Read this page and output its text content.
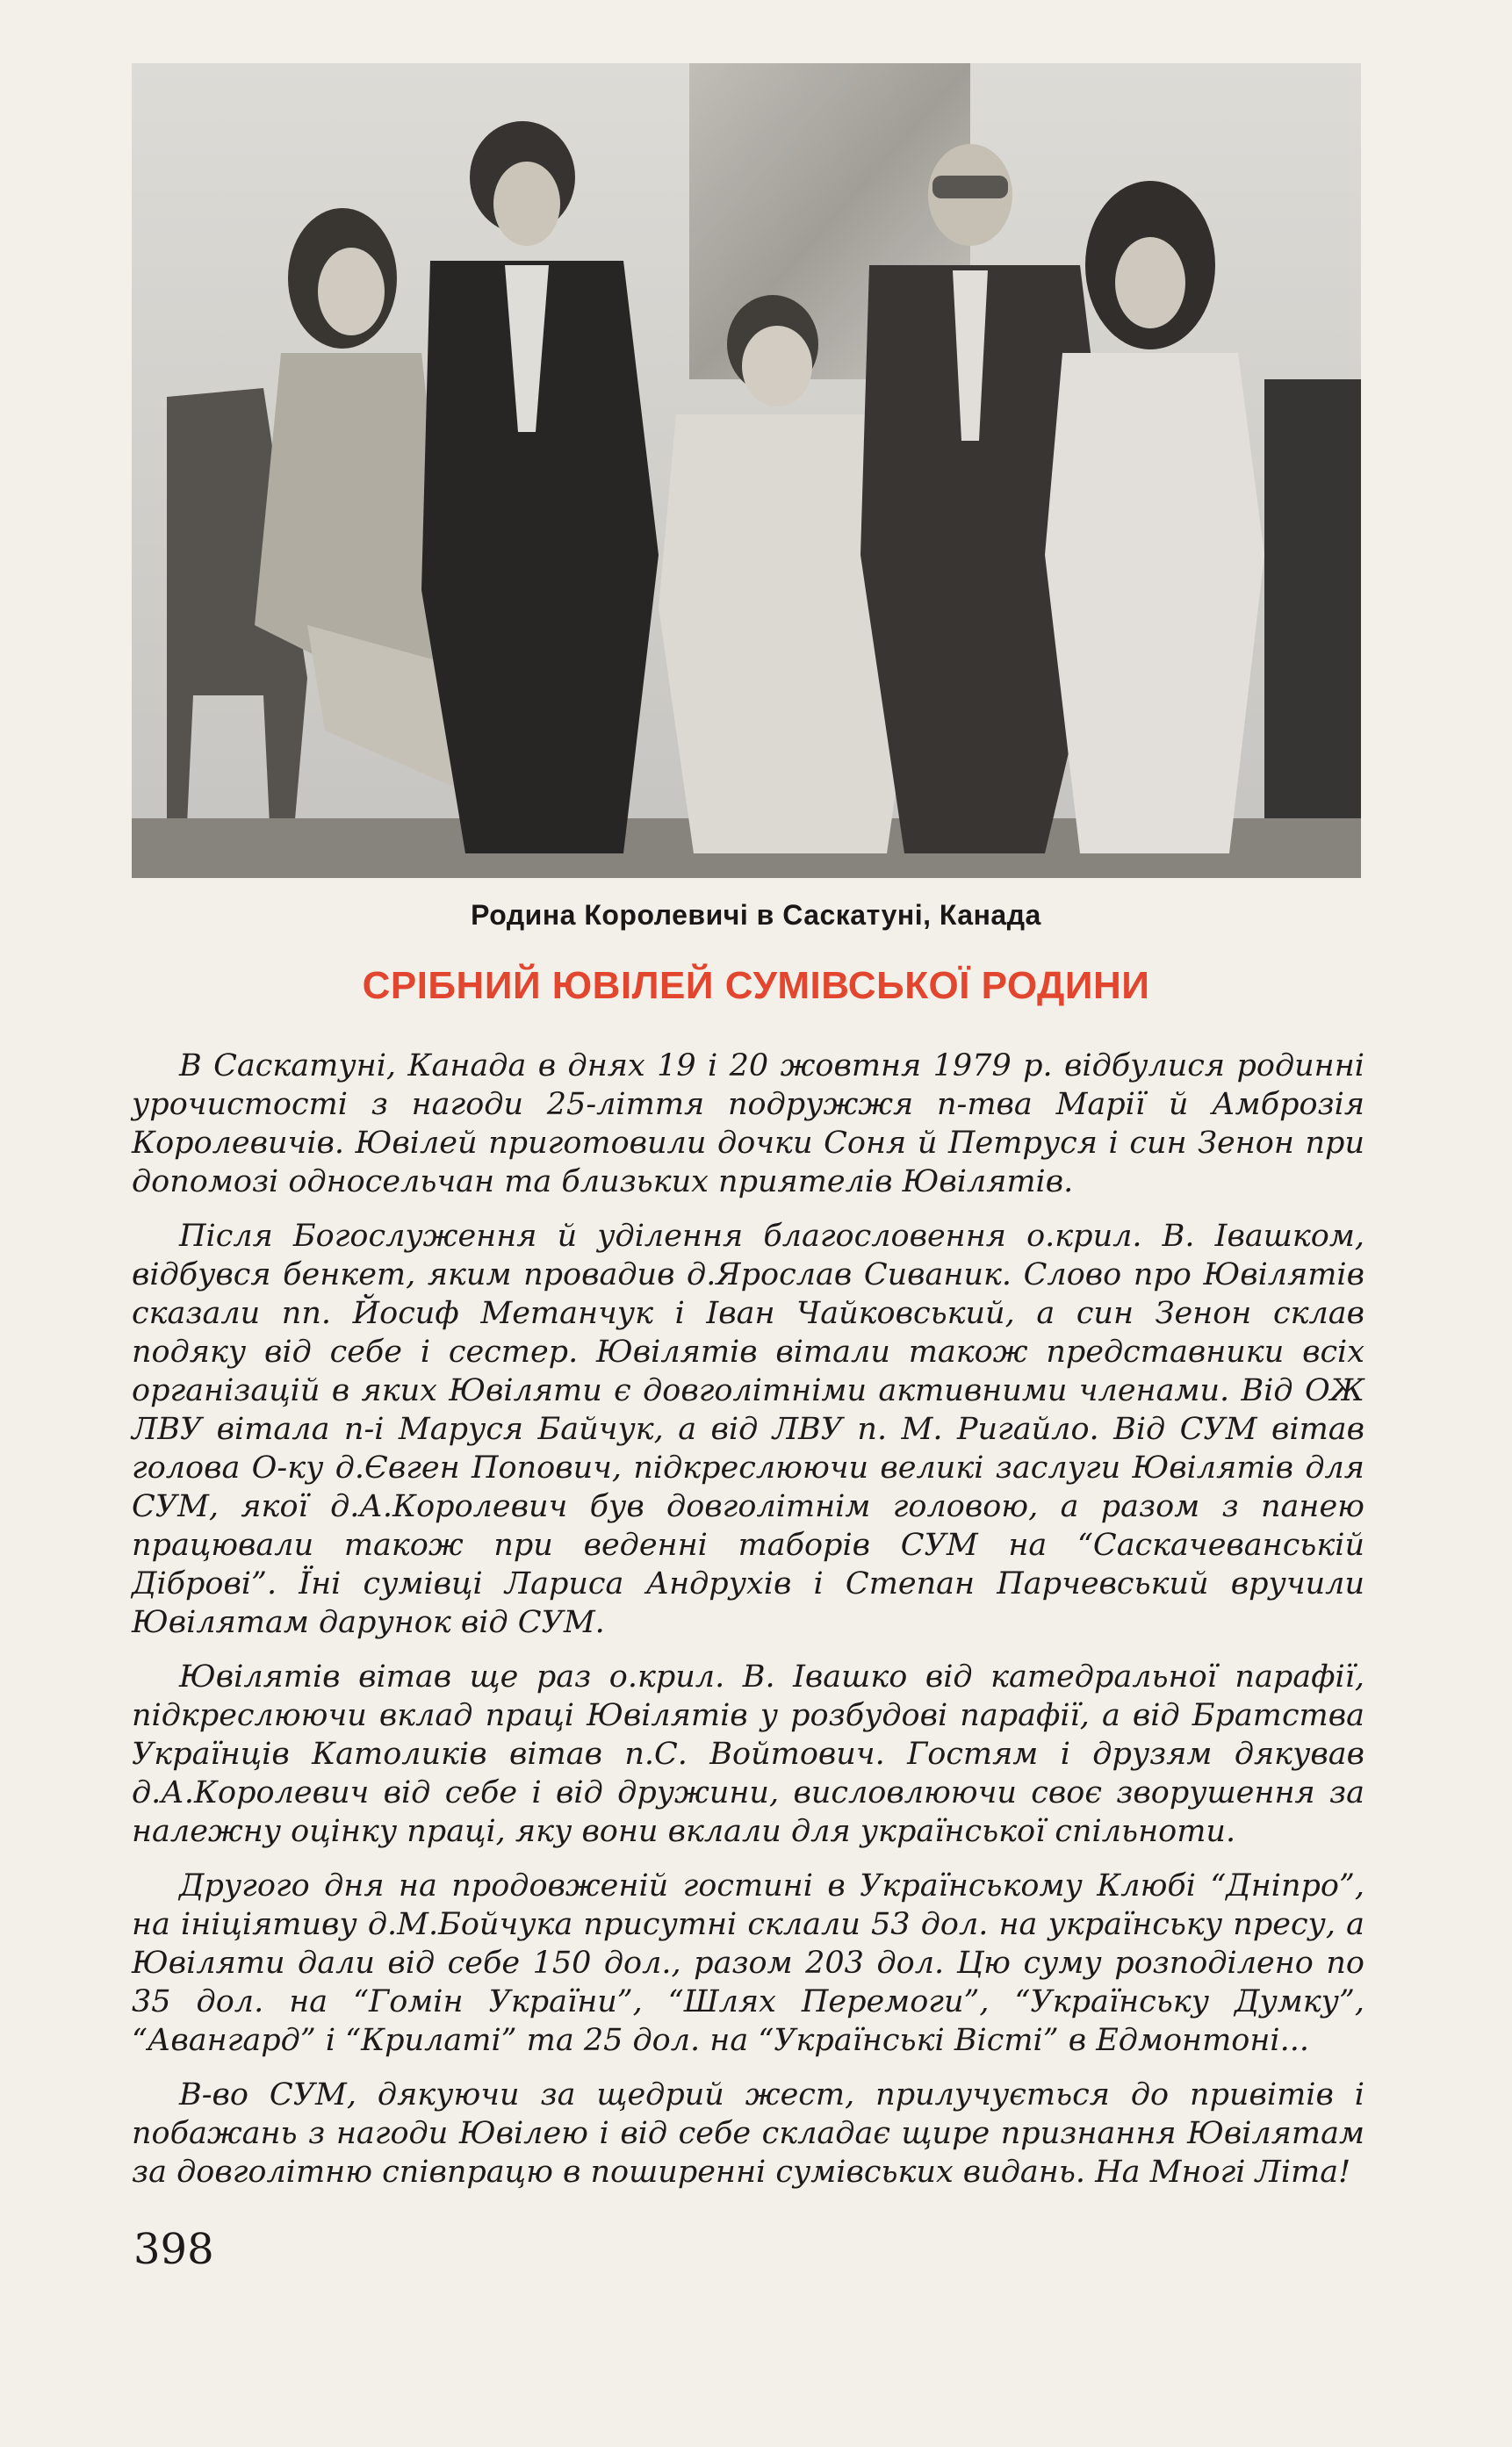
Родина Королевичі в Саскатуні, Канада
СРІБНИЙ ЮВІЛЕЙ СУМІВСЬКОЇ РОДИНИ

В Саскатуні, Канада в днях 19 і 20 жовтня 1979 р. відбулися родинні урочистості з нагоди 25-ліття подружжя п-тва Марії й Амброзія Королевичів. Ювілей приготовили дочки Соня й Петруся і син Зенон при допомозі односельчан та близьких приятелів Ювілятів.

Після Богослуження й уділення благословення о.крил. В. Івашком, відбувся бенкет, яким провадив д.Ярослав Сиваник. Слово про Ювілятів сказали пп. Йосиф Метанчук і Іван Чайковський, а син Зенон склав подяку від себе і сестер. Ювілятів вітали також представники всіх організацій в яких Ювіляти є довголітніми активними членами. Від ОЖ ЛВУ вітала п-і Маруся Байчук, а від ЛВУ п. М. Ригайло. Від СУМ вітав голова О-ку д.Євген Попович, підкреслюючи великі заслуги Ювілятів для СУМ, якої д.А.Королевич був довголітнім головою, а разом з панею працювали також при веденні таборів СУМ на “Саскачеванській Діброві”. Їні сумівці Лариса Андрухів і Степан Парчевський вручили Ювілятам дарунок від СУМ.

Ювілятів вітав ще раз о.крил. В. Івашко від катедральної парафії, підкреслюючи вклад праці Ювілятів у розбудові парафії, а від Братства Українців Католиків вітав п.С. Войтович. Гостям і друзям дякував д.А.Королевич від себе і від дружини, висловлюючи своє зворушення за належну оцінку праці, яку вони вклали для української спільноти.

Другого дня на продовженій гостині в Українському Клюбі “Дніпро”, на ініціятиву д.М.Бойчука присутні склали 53 дол. на українську пресу, а Ювіляти дали від себе 150 дол., разом 203 дол. Цю суму розподілено по 35 дол. на “Гомін України”, “Шлях Перемоги”, “Українську Думку”, “Авангард” і “Крилаті” та 25 дол. на “Українські Вісті” в Едмонтоні...

В-во СУМ, дякуючи за щедрий жест, прилучується до привітів і побажань з нагоди Ювілею і від себе складає щире признання Ювілятам за довголітню співпрацю в поширенні сумівських видань. На Многі Літа!

398
